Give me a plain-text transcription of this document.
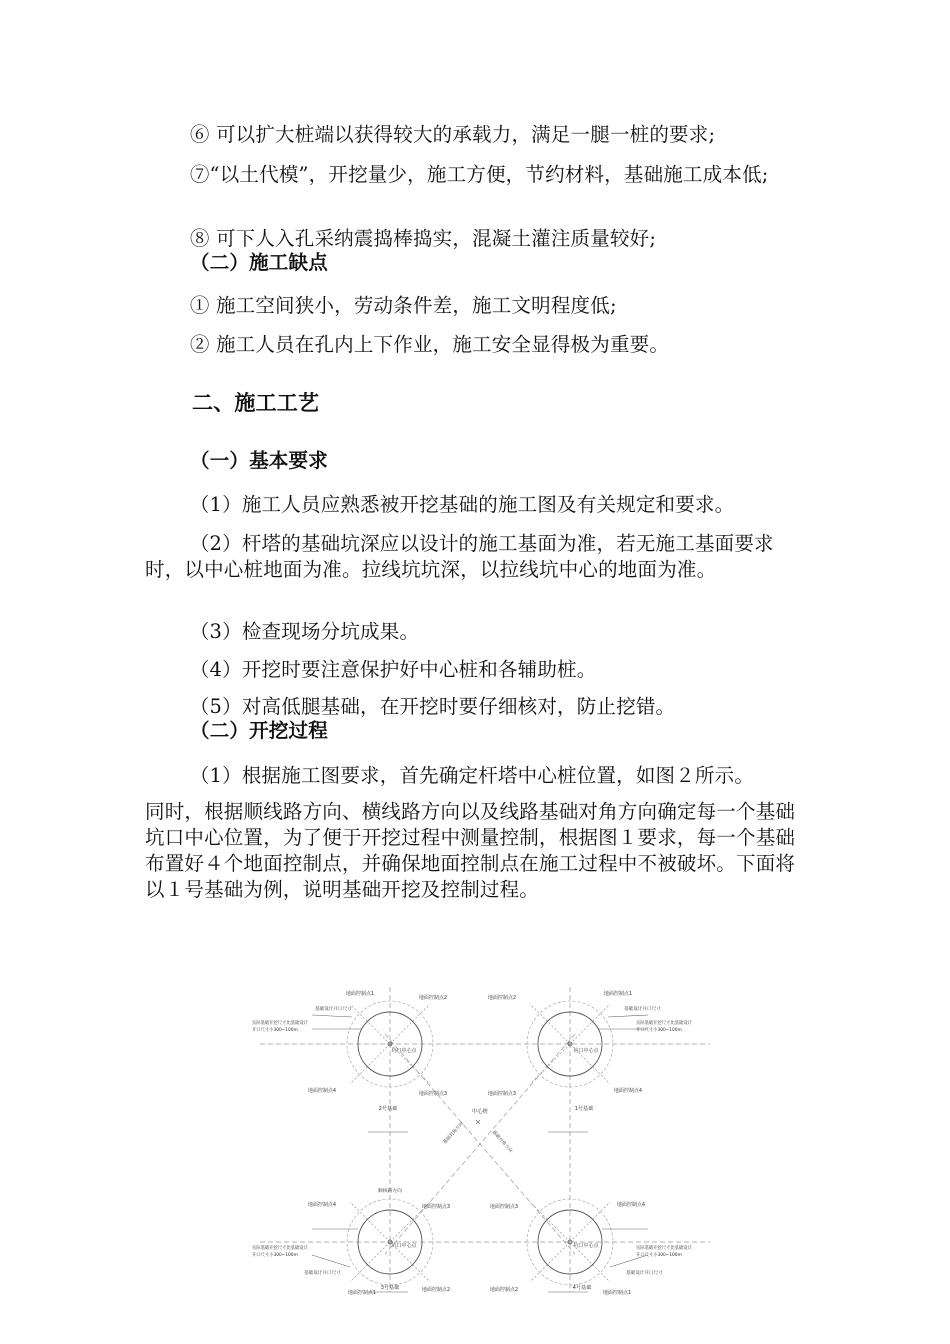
⑥ 可以扩大桩端以获得较大的承载力，满足一腿一桩的要求;

⑦“以土代模”，开挖量少，施工方便，节约材料，基础施工成本低;

⑧ 可下人入孔采纳震捣棒捣实，混凝土灌注质量较好;

（二）施工缺点

① 施工空间狭小，劳动条件差，施工文明程度低;

② 施工人员在孔内上下作业，施工安全显得极为重要。

二、施工工艺

（一）基本要求

（1）施工人员应熟悉被开挖基础的施工图及有关规定和要求。

（2）杆塔的基础坑深应以设计的施工基面为准，若无施工基面要求时，以中心桩地面为准。拉线坑坑深，以拉线坑中心的地面为准。

（3）检查现场分坑成果。

（4）开挖时要注意保护好中心桩和各辅助桩。

（5）对高低腿基础，在开挖时要仔细核对，防止挖错。

（二）开挖过程

（1）根据施工图要求，首先确定杆塔中心桩位置，如图２所示。

同时，根据顺线路方向、横线路方向以及线路基础对角方向确定每一个基础坑口中心位置，为了便于开挖过程中测量控制，根据图１要求，每一个基础布置好４个地面控制点，并确保地面控制点在施工过程中不被破坏。下面将以１号基础为例，说明基础开挖及控制过程。

中心桩
基础对角方向	基础对角方向
顺线路方向
2号基础
坑口中心点
地面控制点1
地面控制点2
地面控制点3
地面控制点4
基础设计开口尺寸
实际基础开挖尺寸比基础设计
开口尺寸小300~100m
1号基础
坑口中心点
地面控制点1
地面控制点2
地面控制点3	地面控制点4
基础设计开口尺寸
实际基础开挖尺寸比基础设计
开口尺寸小300~100m
3号基础
坑口中心点
地面控制点1	地面控制点2
地面控制点3
地面控制点4
基础设计开口尺寸
实际基础开挖尺寸比基础设计
开口尺寸小300~100m
4号基础
坑口中心点
地面控制点1
地面控制点2
地面控制点3	地面控制点4
基础设计开口尺寸
实际基础开挖尺寸比基础设计
开口尺寸小300~100m
